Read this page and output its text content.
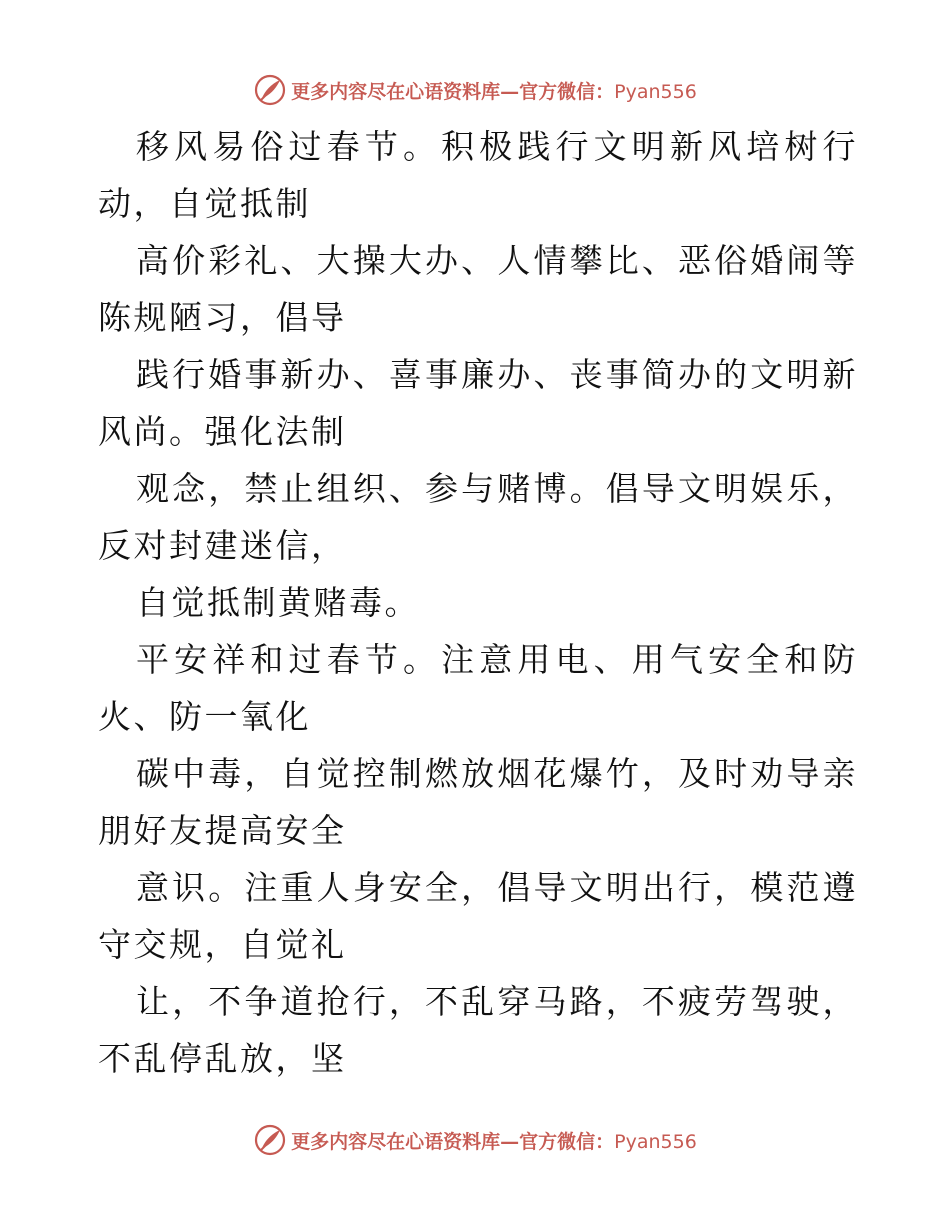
更多内容尽在心语资料库—官方微信：Pyan556

移风易俗过春节。积极践行文明新风培树行动，自觉抵制

高价彩礼、大操大办、人情攀比、恶俗婚闹等陈规陋习，倡导

践行婚事新办、喜事廉办、丧事简办的文明新风尚。强化法制

观念，禁止组织、参与赌博。倡导文明娱乐，反对封建迷信，

自觉抵制黄赌毒。

平安祥和过春节。注意用电、用气安全和防火、防一氧化

碳中毒，自觉控制燃放烟花爆竹，及时劝导亲朋好友提高安全

意识。注重人身安全，倡导文明出行，模范遵守交规，自觉礼

让，不争道抢行，不乱穿马路，不疲劳驾驶，不乱停乱放，坚

更多内容尽在心语资料库—官方微信：Pyan556
